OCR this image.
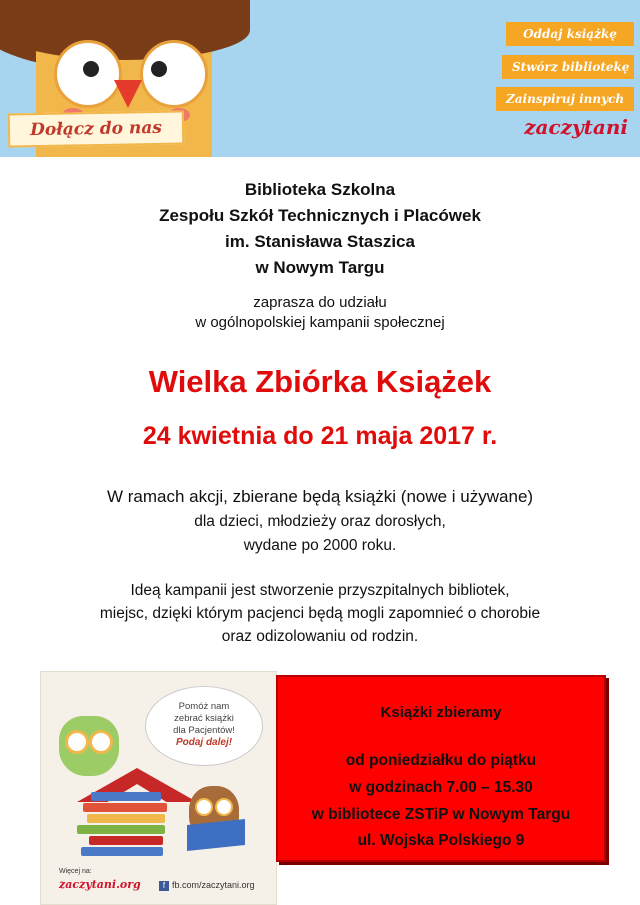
Dołącz do nas
Oddaj książkę
Stwórz bibliotekę
Zainspiruj innych
zaczytani
Biblioteka Szkolna
Zespołu Szkół Technicznych i Placówek
im. Stanisława Staszica
w Nowym Targu
zaprasza do udziału
w ogólnopolskiej kampanii społecznej
Wielka Zbiórka Książek
24 kwietnia do 21 maja 2017 r.
W ramach akcji, zbierane będą książki (nowe i używane)
dla dzieci, młodzieży oraz dorosłych,
wydane po 2000 roku.
Ideą kampanii jest stworzenie przyszpitalnych bibliotek,
miejsc, dzięki którym pacjenci będą mogli zapomnieć o chorobie
oraz odizolowaniu od rodzin.
Pomóż nam
zebrać książki
dla Pacjentów!
Podaj dalej!
Więcej na:
zaczytani.org	f fb.com/zaczytani.org
Książki zbieramy
od poniedziałku do piątku
w godzinach 7.00 – 15.30
w bibliotece ZSTiP w Nowym Targu
ul. Wojska Polskiego 9
